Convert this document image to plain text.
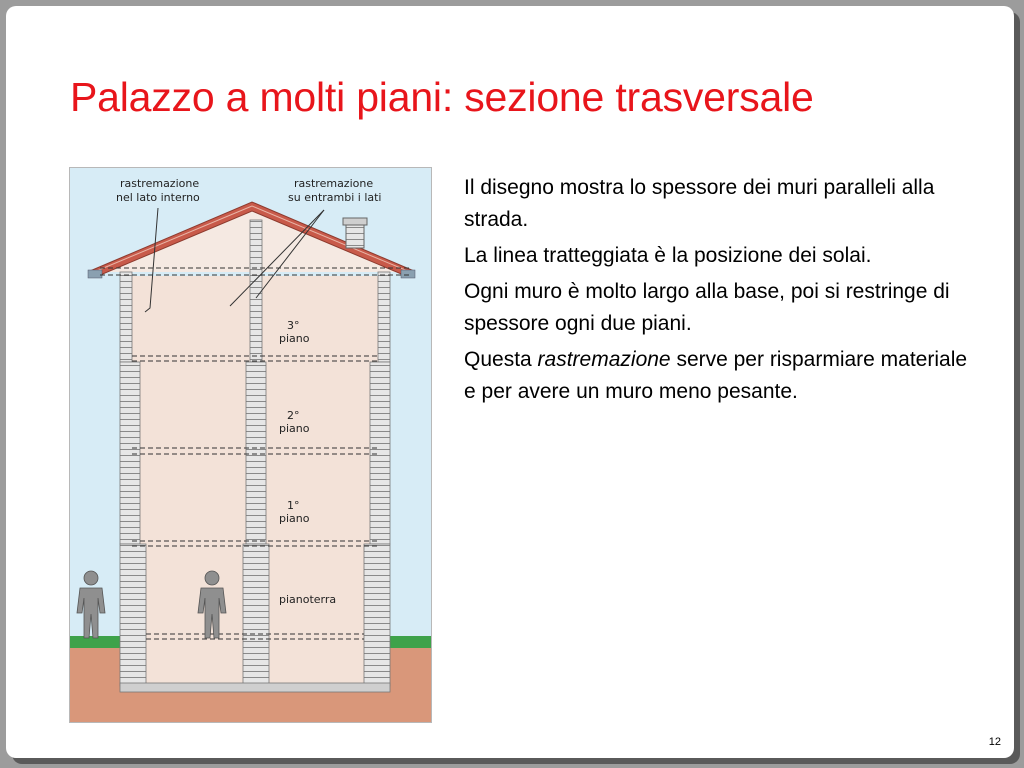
Palazzo a molti piani: sezione trasversale
rastremazione
nel lato interno
rastremazione
su entrambi i lati
3°
piano
2°
piano
1°
piano
pianoterra

Il disegno mostra lo spessore dei muri paralleli alla strada.

La linea tratteggiata è la posizione dei solai.

Ogni muro è molto largo alla base, poi si restringe di spessore ogni due piani.

Questa rastremazione serve per risparmiare materiale e per avere un muro meno pesante.

12
